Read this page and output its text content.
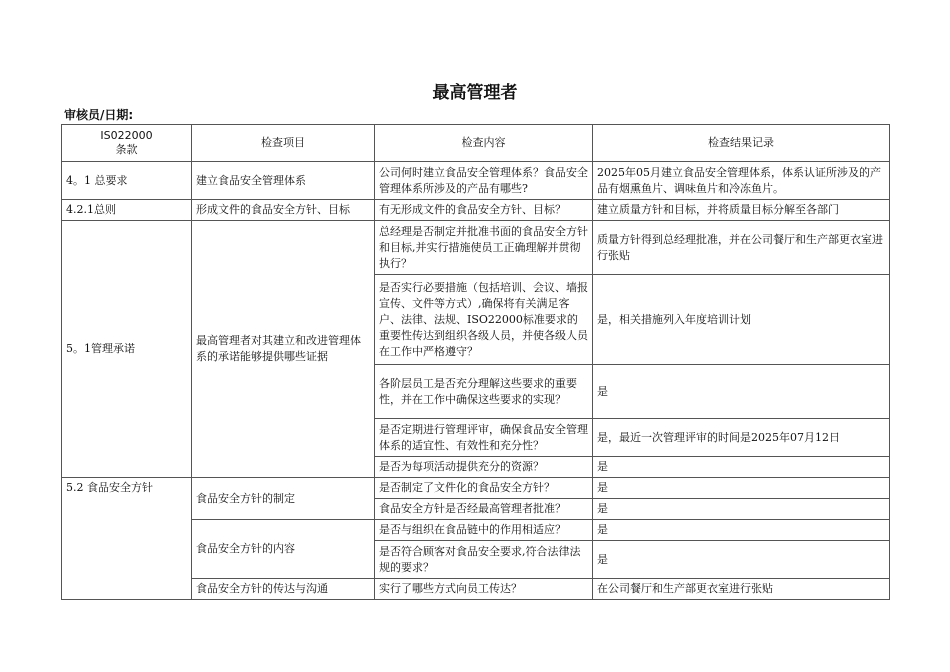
最高管理者
审核员/日期:
IS022000
条款	检查项目	检查内容	检查结果记录
4。1 总要求	建立食品安全管理体系	公司何时建立食品安全管理体系？食品安全管理体系所涉及的产品有哪些?	2025年05月建立食品安全管理体系，体系认证所涉及的产品有烟熏鱼片、调味鱼片和冷冻鱼片。
4.2.1总则	形成文件的食品安全方针、目标	有无形成文件的食品安全方针、目标？	建立质量方针和目标，并将质量目标分解至各部门
5。1管理承诺	最高管理者对其建立和改进管理体系的承诺能够提供哪些证据	总经理是否制定并批准书面的食品安全方针和目标,并实行措施使员工正确理解并贯彻执行？	质量方针得到总经理批准，并在公司餐厅和生产部更衣室进行张贴
		是否实行必要措施（包括培训、会议、墙报宣传、文件等方式）,确保将有关满足客户、法律、法规、ISO22000标准要求的重要性传达到组织各级人员，并使各级人员在工作中严格遵守？	是，相关措施列入年度培训计划
		各阶层员工是否充分理解这些要求的重要性，并在工作中确保这些要求的实现？	是
		是否定期进行管理评审，确保食品安全管理体系的适宜性、有效性和充分性？	是，最近一次管理评审的时间是2025年07月12日
		是否为每项活动提供充分的资源？	是
5.2 食品安全方针	食品安全方针的制定	是否制定了文件化的食品安全方针？	是
		食品安全方针是否经最高管理者批准？	是
	食品安全方针的内容	是否与组织在食品链中的作用相适应？	是
		是否符合顾客对食品安全要求,符合法律法规的要求？	是
	食品安全方针的传达与沟通	实行了哪些方式向员工传达？	在公司餐厅和生产部更衣室进行张贴
